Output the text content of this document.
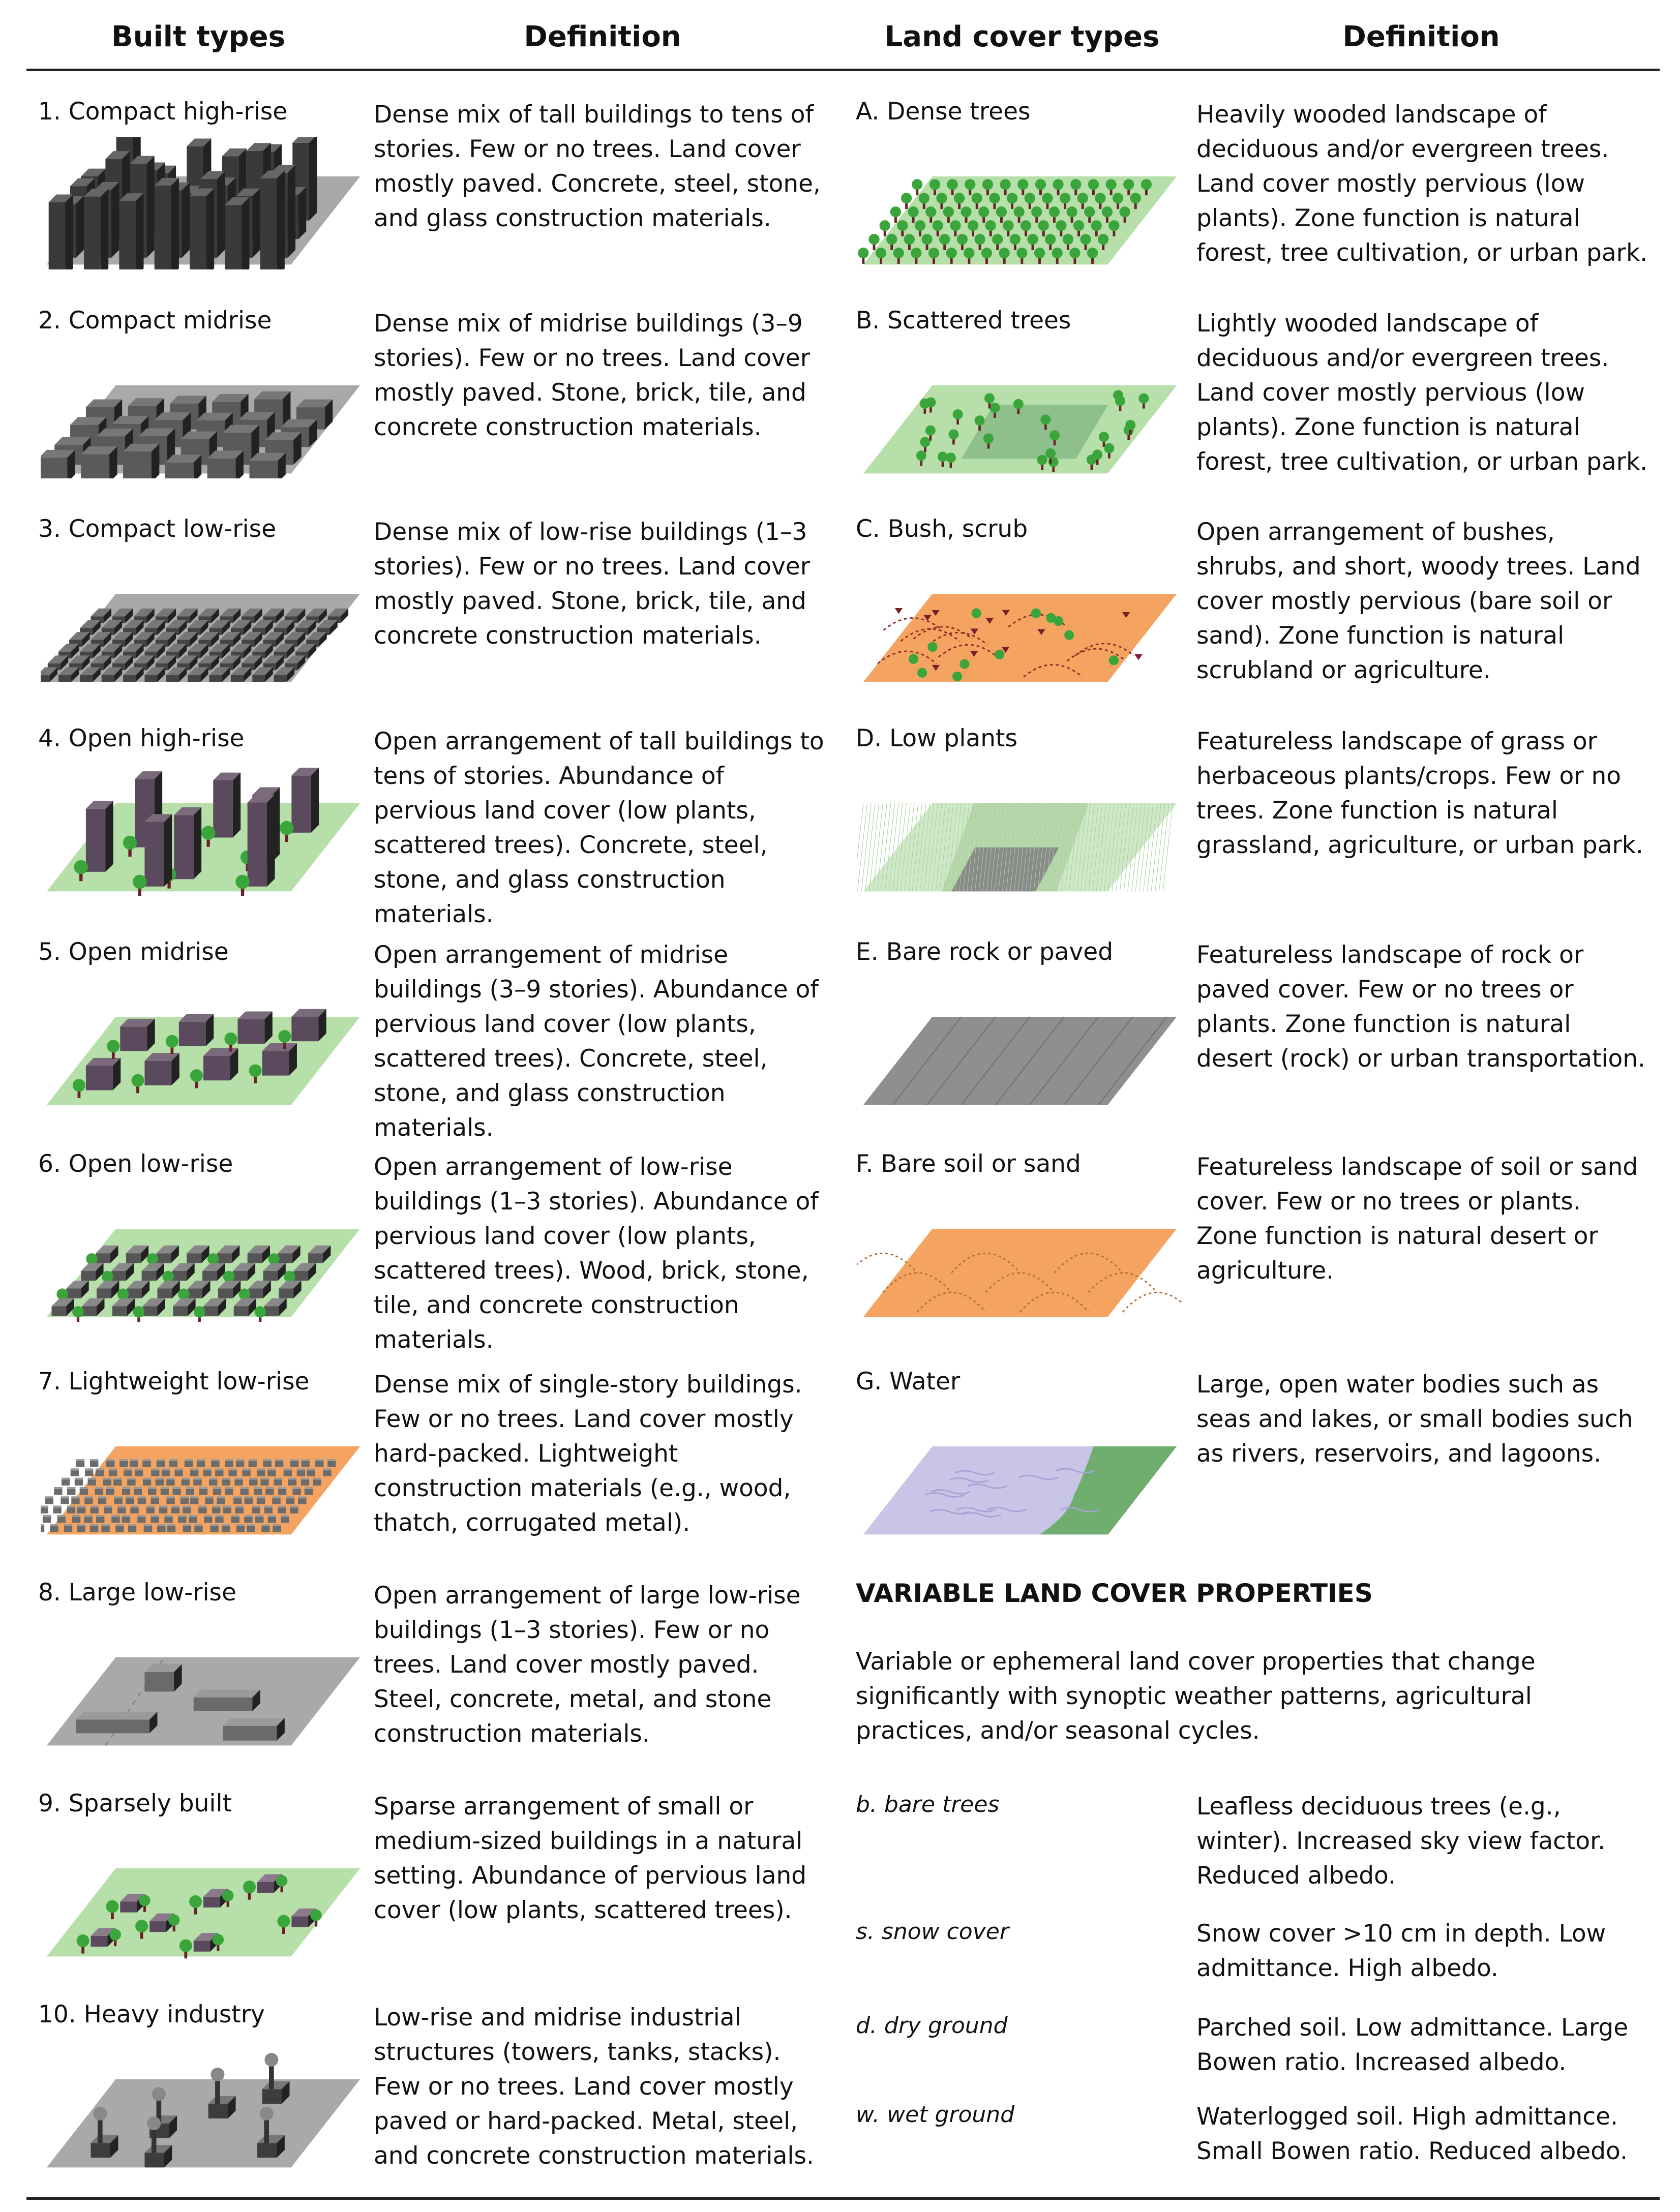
Built types	Definition	Land cover types	Definition
1. Compact high-rise	Dense mix of tall buildings to tens of stories. Few or no trees. Land cover mostly paved. Concrete, steel, stone, and glass construction materials.
2. Compact midrise	Dense mix of midrise buildings (3–9 stories). Few or no trees. Land cover mostly paved. Stone, brick, tile, and concrete construction materials.
3. Compact low-rise	Dense mix of low-rise buildings (1–3 stories). Few or no trees. Land cover mostly paved. Stone, brick, tile, and concrete construction materials.
4. Open high-rise	Open arrangement of tall buildings to tens of stories. Abundance of pervious land cover (low plants, scattered trees). Concrete, steel, stone, and glass construction materials.
5. Open midrise	Open arrangement of midrise buildings (3–9 stories). Abundance of pervious land cover (low plants, scattered trees). Concrete, steel, stone, and glass construction materials.
6. Open low-rise	Open arrangement of low-rise buildings (1–3 stories). Abundance of pervious land cover (low plants, scattered trees). Wood, brick, stone, tile, and concrete construction materials.
7. Lightweight low-rise	Dense mix of single-story buildings. Few or no trees. Land cover mostly hard-packed. Lightweight construction materials (e.g., wood, thatch, corrugated metal).
8. Large low-rise	Open arrangement of large low-rise buildings (1–3 stories). Few or no trees. Land cover mostly paved. Steel, concrete, metal, and stone construction materials.
9. Sparsely built	Sparse arrangement of small or medium-sized buildings in a natural setting. Abundance of pervious land cover (low plants, scattered trees).
10. Heavy industry	Low-rise and midrise industrial structures (towers, tanks, stacks). Few or no trees. Land cover mostly paved or hard-packed. Metal, steel, and concrete construction materials.
A. Dense trees	Heavily wooded landscape of deciduous and/or evergreen trees. Land cover mostly pervious (low plants). Zone function is natural forest, tree cultivation, or urban park.
B. Scattered trees	Lightly wooded landscape of deciduous and/or evergreen trees. Land cover mostly pervious (low plants). Zone function is natural forest, tree cultivation, or urban park.
C. Bush, scrub	Open arrangement of bushes, shrubs, and short, woody trees. Land cover mostly pervious (bare soil or sand). Zone function is natural scrubland or agriculture.
D. Low plants	Featureless landscape of grass or herbaceous plants/crops. Few or no trees. Zone function is natural grassland, agriculture, or urban park.
E. Bare rock or paved	Featureless landscape of rock or paved cover. Few or no trees or plants. Zone function is natural desert (rock) or urban transportation.
F. Bare soil or sand	Featureless landscape of soil or sand cover. Few or no trees or plants. Zone function is natural desert or agriculture.
G. Water	Large, open water bodies such as seas and lakes, or small bodies such as rivers, reservoirs, and lagoons.
VARIABLE LAND COVER PROPERTIES
Variable or ephemeral land cover properties that change significantly with synoptic weather patterns, agricultural practices, and/or seasonal cycles.
b. bare trees	Leafless deciduous trees (e.g., winter). Increased sky view factor. Reduced albedo.
s. snow cover	Snow cover >10 cm in depth. Low admittance. High albedo.
d. dry ground	Parched soil. Low admittance. Large Bowen ratio. Increased albedo.
w. wet ground	Waterlogged soil. High admittance. Small Bowen ratio. Reduced albedo.
